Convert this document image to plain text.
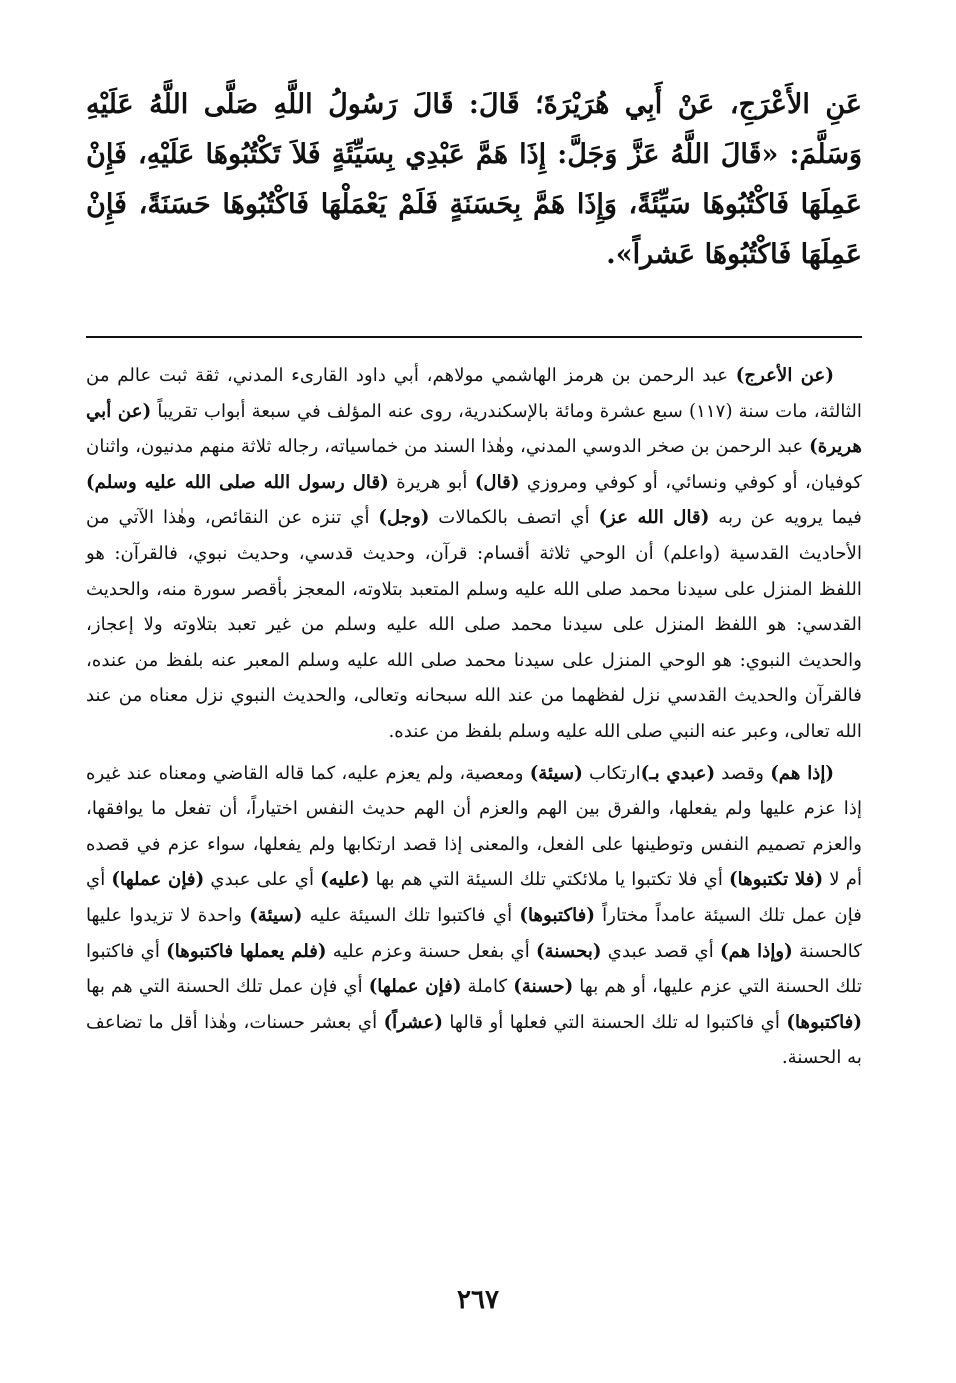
عَنِ الأَعْرَجِ، عَنْ أَبِي هُرَيْرَةَ؛ قَالَ: قَالَ رَسُولُ اللَّهِ صَلَّى اللَّهُ عَلَيْهِ وَسَلَّمَ: «قَالَ اللَّهُ عَزَّ وَجَلَّ: إِذَا هَمَّ عَبْدِي بِسَيِّئَةٍ فَلاَ تَكْتُبُوهَا عَلَيْهِ، فَإِنْ عَمِلَهَا فَاكْتُبُوهَا سَيِّئَةً، وَإِذَا هَمَّ بِحَسَنَةٍ فَلَمْ يَعْمَلْهَا فَاكْتُبُوهَا حَسَنَةً، فَإِنْ عَمِلَهَا فَاكْتُبُوهَا عَشراً».

(عن الأعرج) عبد الرحمن بن هرمز الهاشمي مولاهم، أبي داود القارىء المدني، ثقة ثبت عالم من الثالثة، مات سنة (١١٧) سبع عشرة ومائة بالإسكندرية، روى عنه المؤلف في سبعة أبواب تقريباً (عن أبي هريرة) عبد الرحمن بن صخر الدوسي المدني، وهٰذا السند من خماسياته، رجاله ثلاثة منهم مدنيون، واثنان كوفيان، أو كوفي ونسائي، أو كوفي ومروزي (قال) أبو هريرة (قال رسول الله صلى الله عليه وسلم) فيما يرويه عن ربه (قال الله عز) أي اتصف بالكمالات (وجل) أي تنزه عن النقائص، وهٰذا الآتي من الأحاديث القدسية (واعلم) أن الوحي ثلاثة أقسام: قرآن، وحديث قدسي، وحديث نبوي، فالقرآن: هو اللفظ المنزل على سيدنا محمد صلى الله عليه وسلم المتعبد بتلاوته، المعجز بأقصر سورة منه، والحديث القدسي: هو اللفظ المنزل على سيدنا محمد صلى الله عليه وسلم من غير تعبد بتلاوته ولا إعجاز، والحديث النبوي: هو الوحي المنزل على سيدنا محمد صلى الله عليه وسلم المعبر عنه بلفظ من عنده، فالقرآن والحديث القدسي نزل لفظهما من عند الله سبحانه وتعالى، والحديث النبوي نزل معناه من عند الله تعالى، وعبر عنه النبي صلى الله عليه وسلم بلفظ من عنده.

(إذا هم) وقصد (عبدي بـ)ارتكاب (سيئة) ومعصية، ولم يعزم عليه، كما قاله القاضي ومعناه عند غيره إذا عزم عليها ولم يفعلها، والفرق بين الهم والعزم أن الهم حديث النفس اختياراً، أن تفعل ما يوافقها، والعزم تصميم النفس وتوطينها على الفعل، والمعنى إذا قصد ارتكابها ولم يفعلها، سواء عزم في قصده أم لا (فلا تكتبوها) أي فلا تكتبوا يا ملائكتي تلك السيئة التي هم بها (عليه) أي على عبدي (فإن عملها) أي فإن عمل تلك السيئة عامداً مختاراً (فاكتبوها) أي فاكتبوا تلك السيئة عليه (سيئة) واحدة لا تزيدوا عليها كالحسنة (وإذا هم) أي قصد عبدي (بحسنة) أي بفعل حسنة وعزم عليه (فلم يعملها فاكتبوها) أي فاكتبوا تلك الحسنة التي عزم عليها، أو هم بها (حسنة) كاملة (فإن عملها) أي فإن عمل تلك الحسنة التي هم بها (فاكتبوها) أي فاكتبوا له تلك الحسنة التي فعلها أو قالها (عشراً) أي بعشر حسنات، وهٰذا أقل ما تضاعف به الحسنة.

٢٦٧
